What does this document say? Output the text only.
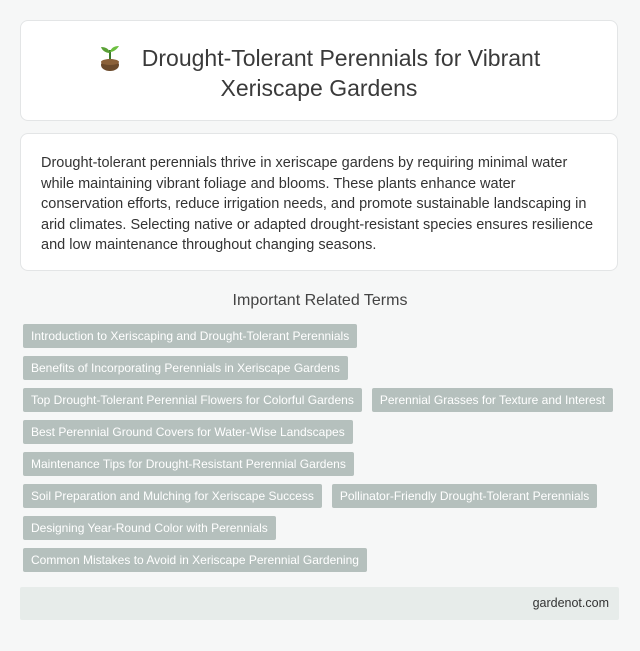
Drought-Tolerant Perennials for Vibrant
Xeriscape Gardens
Drought-tolerant perennials thrive in xeriscape gardens by requiring minimal water while maintaining vibrant foliage and blooms. These plants enhance water conservation efforts, reduce irrigation needs, and promote sustainable landscaping in arid climates. Selecting native or adapted drought-resistant species ensures resilience and low maintenance throughout changing seasons.
Important Related Terms
Introduction to Xeriscaping and Drought-Tolerant Perennials
Benefits of Incorporating Perennials in Xeriscape Gardens
Top Drought-Tolerant Perennial Flowers for Colorful Gardens	Perennial Grasses for Texture and Interest
Best Perennial Ground Covers for Water-Wise Landscapes
Maintenance Tips for Drought-Resistant Perennial Gardens
Soil Preparation and Mulching for Xeriscape Success	Pollinator-Friendly Drought-Tolerant Perennials
Designing Year-Round Color with Perennials
Common Mistakes to Avoid in Xeriscape Perennial Gardening
gardenot.com
